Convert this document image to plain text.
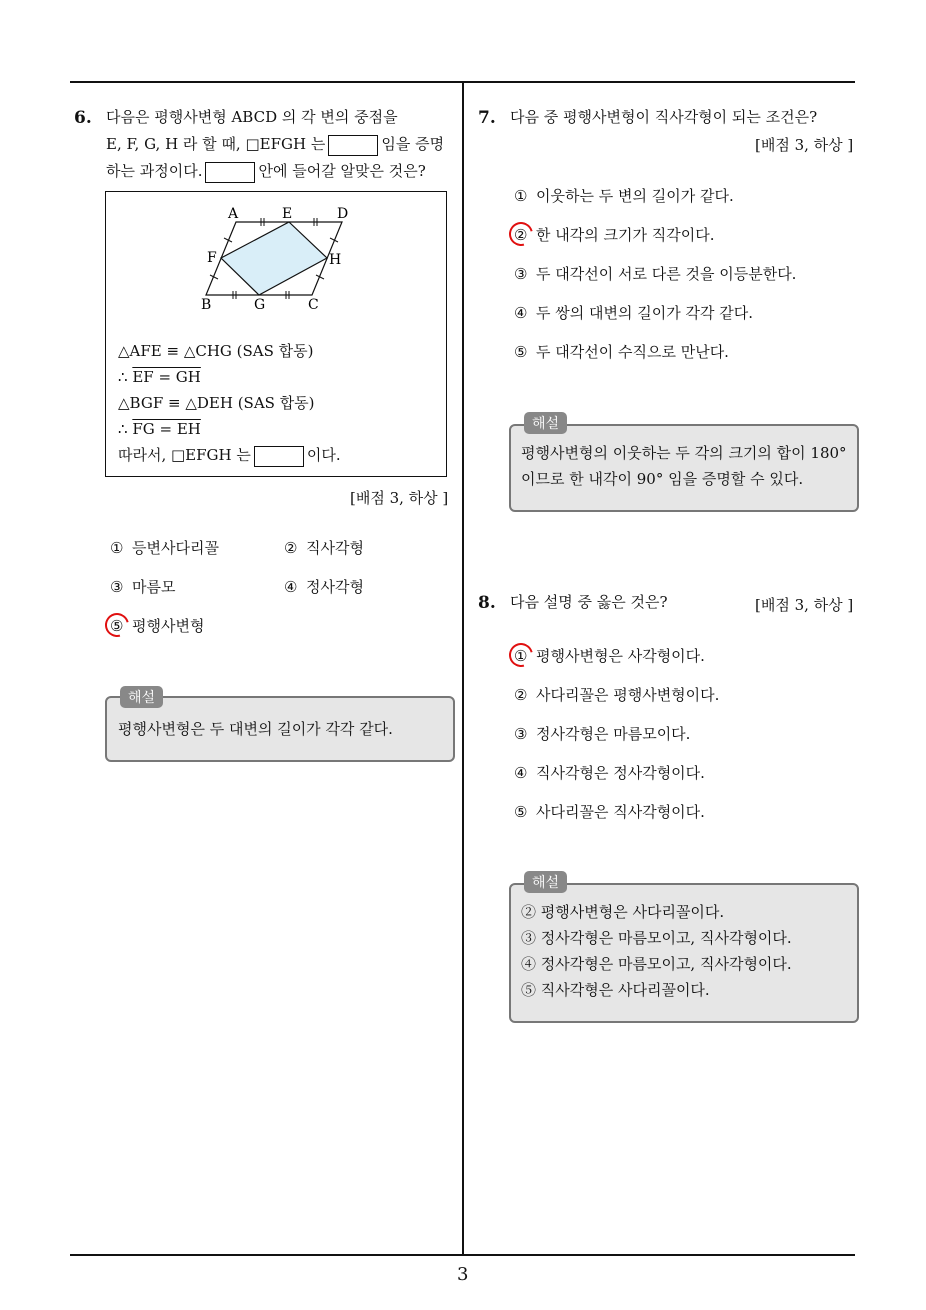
6. 다음은 평행사변형 ABCD 의 각 변의 중점을
E, F, G, H 라 할 때, □EFGH 는	임을 증명
하는 과정이다.	안에 들어갈 알맞은 것은?
A	E	D
F	H
B	G	C
△AFE ≡ △CHG (SAS 합동)
∴ EF = GH
△BGF ≡ △DEH (SAS 합동)
∴ FG = EH
따라서, □EFGH 는	이다.
[배점 3, 하상 ]
① 등변사다리꼴	② 직사각형
③ 마름모	④ 정사각형
⑤ 평행사변형
해설
평행사변형은 두 대변의 길이가 각각 같다.
7. 다음 중 평행사변형이 직사각형이 되는 조건은?
[배점 3, 하상 ]
① 이웃하는 두 변의 길이가 같다.
② 한 내각의 크기가 직각이다.
③ 두 대각선이 서로 다른 것을 이등분한다.
④ 두 쌍의 대변의 길이가 각각 같다.
⑤ 두 대각선이 수직으로 만난다.
해설
평행사변형의 이웃하는 두 각의 크기의 합이 180°
이므로 한 내각이 90° 임을 증명할 수 있다.
8. 다음 설명 중 옳은 것은?	[배점 3, 하상 ]
① 평행사변형은 사각형이다.
② 사다리꼴은 평행사변형이다.
③ 정사각형은 마름모이다.
④ 직사각형은 정사각형이다.
⑤ 사다리꼴은 직사각형이다.
해설
② 평행사변형은 사다리꼴이다.
③ 정사각형은 마름모이고, 직사각형이다.
④ 정사각형은 마름모이고, 직사각형이다.
⑤ 직사각형은 사다리꼴이다.
3
